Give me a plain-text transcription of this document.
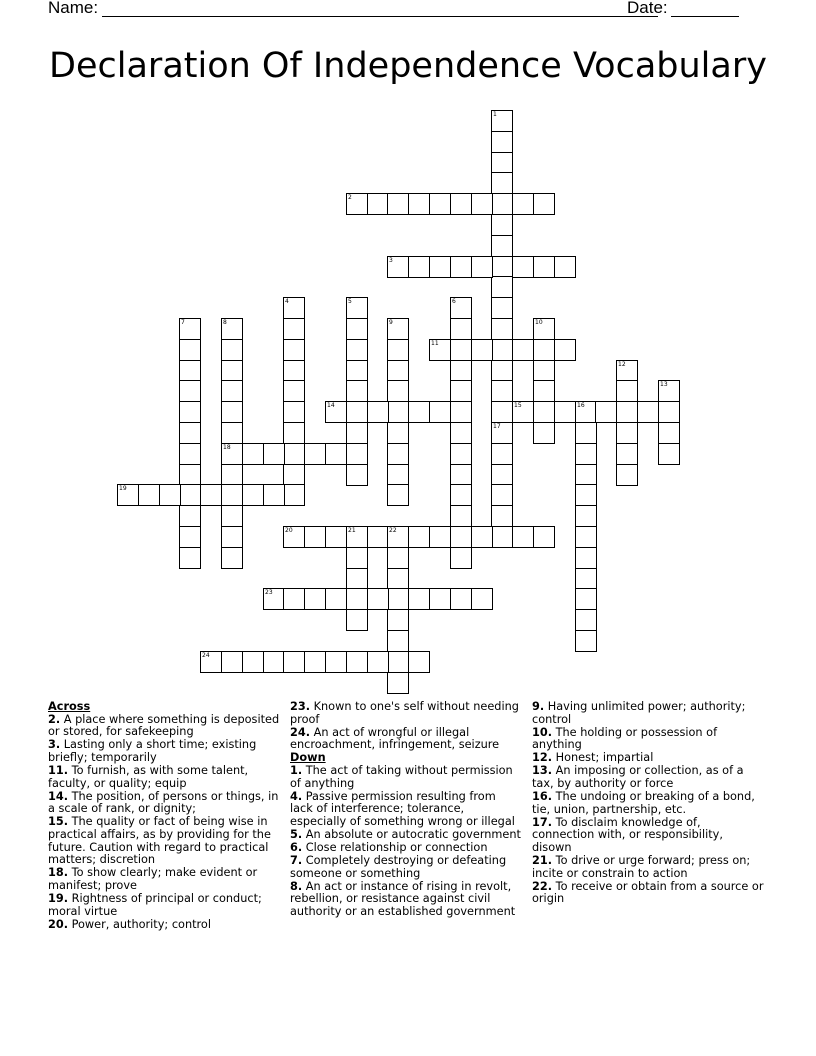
Name:	Date:
Declaration Of Independence Vocabulary
1
17
2
3
4	5	6
7	8
18
9	10
11
12
13
14	15	16
19
20	21	22
23
24
Across
2. A place where something is deposited or stored, for safekeeping
3. Lasting only a short time; existing briefly; temporarily
11. To furnish, as with some talent, faculty, or quality; equip
14. The position, of persons or things, in a scale of rank, or dignity;
15. The quality or fact of being wise in practical affairs, as by providing for the future. Caution with regard to practical matters; discretion
18. To show clearly; make evident or manifest; prove
19. Rightness of principal or conduct; moral virtue
20. Power, authority; control
23. Known to one's self without needing proof
24. An act of wrongful or illegal encroachment, infringement, seizure
Down
1. The act of taking without permission of anything
4. Passive permission resulting from lack of interference; tolerance, especially of something wrong or illegal
5. An absolute or autocratic government
6. Close relationship or connection
7. Completely destroying or defeating someone or something
8. An act or instance of rising in revolt, rebellion, or resistance against civil authority or an established government
9. Having unlimited power; authority; control
10. The holding or possession of anything
12. Honest; impartial
13. An imposing or collection, as of a tax, by authority or force
16. The undoing or breaking of a bond, tie, union, partnership, etc.
17. To disclaim knowledge of, connection with, or responsibility, disown
21. To drive or urge forward; press on; incite or constrain to action
22. To receive or obtain from a source or origin
